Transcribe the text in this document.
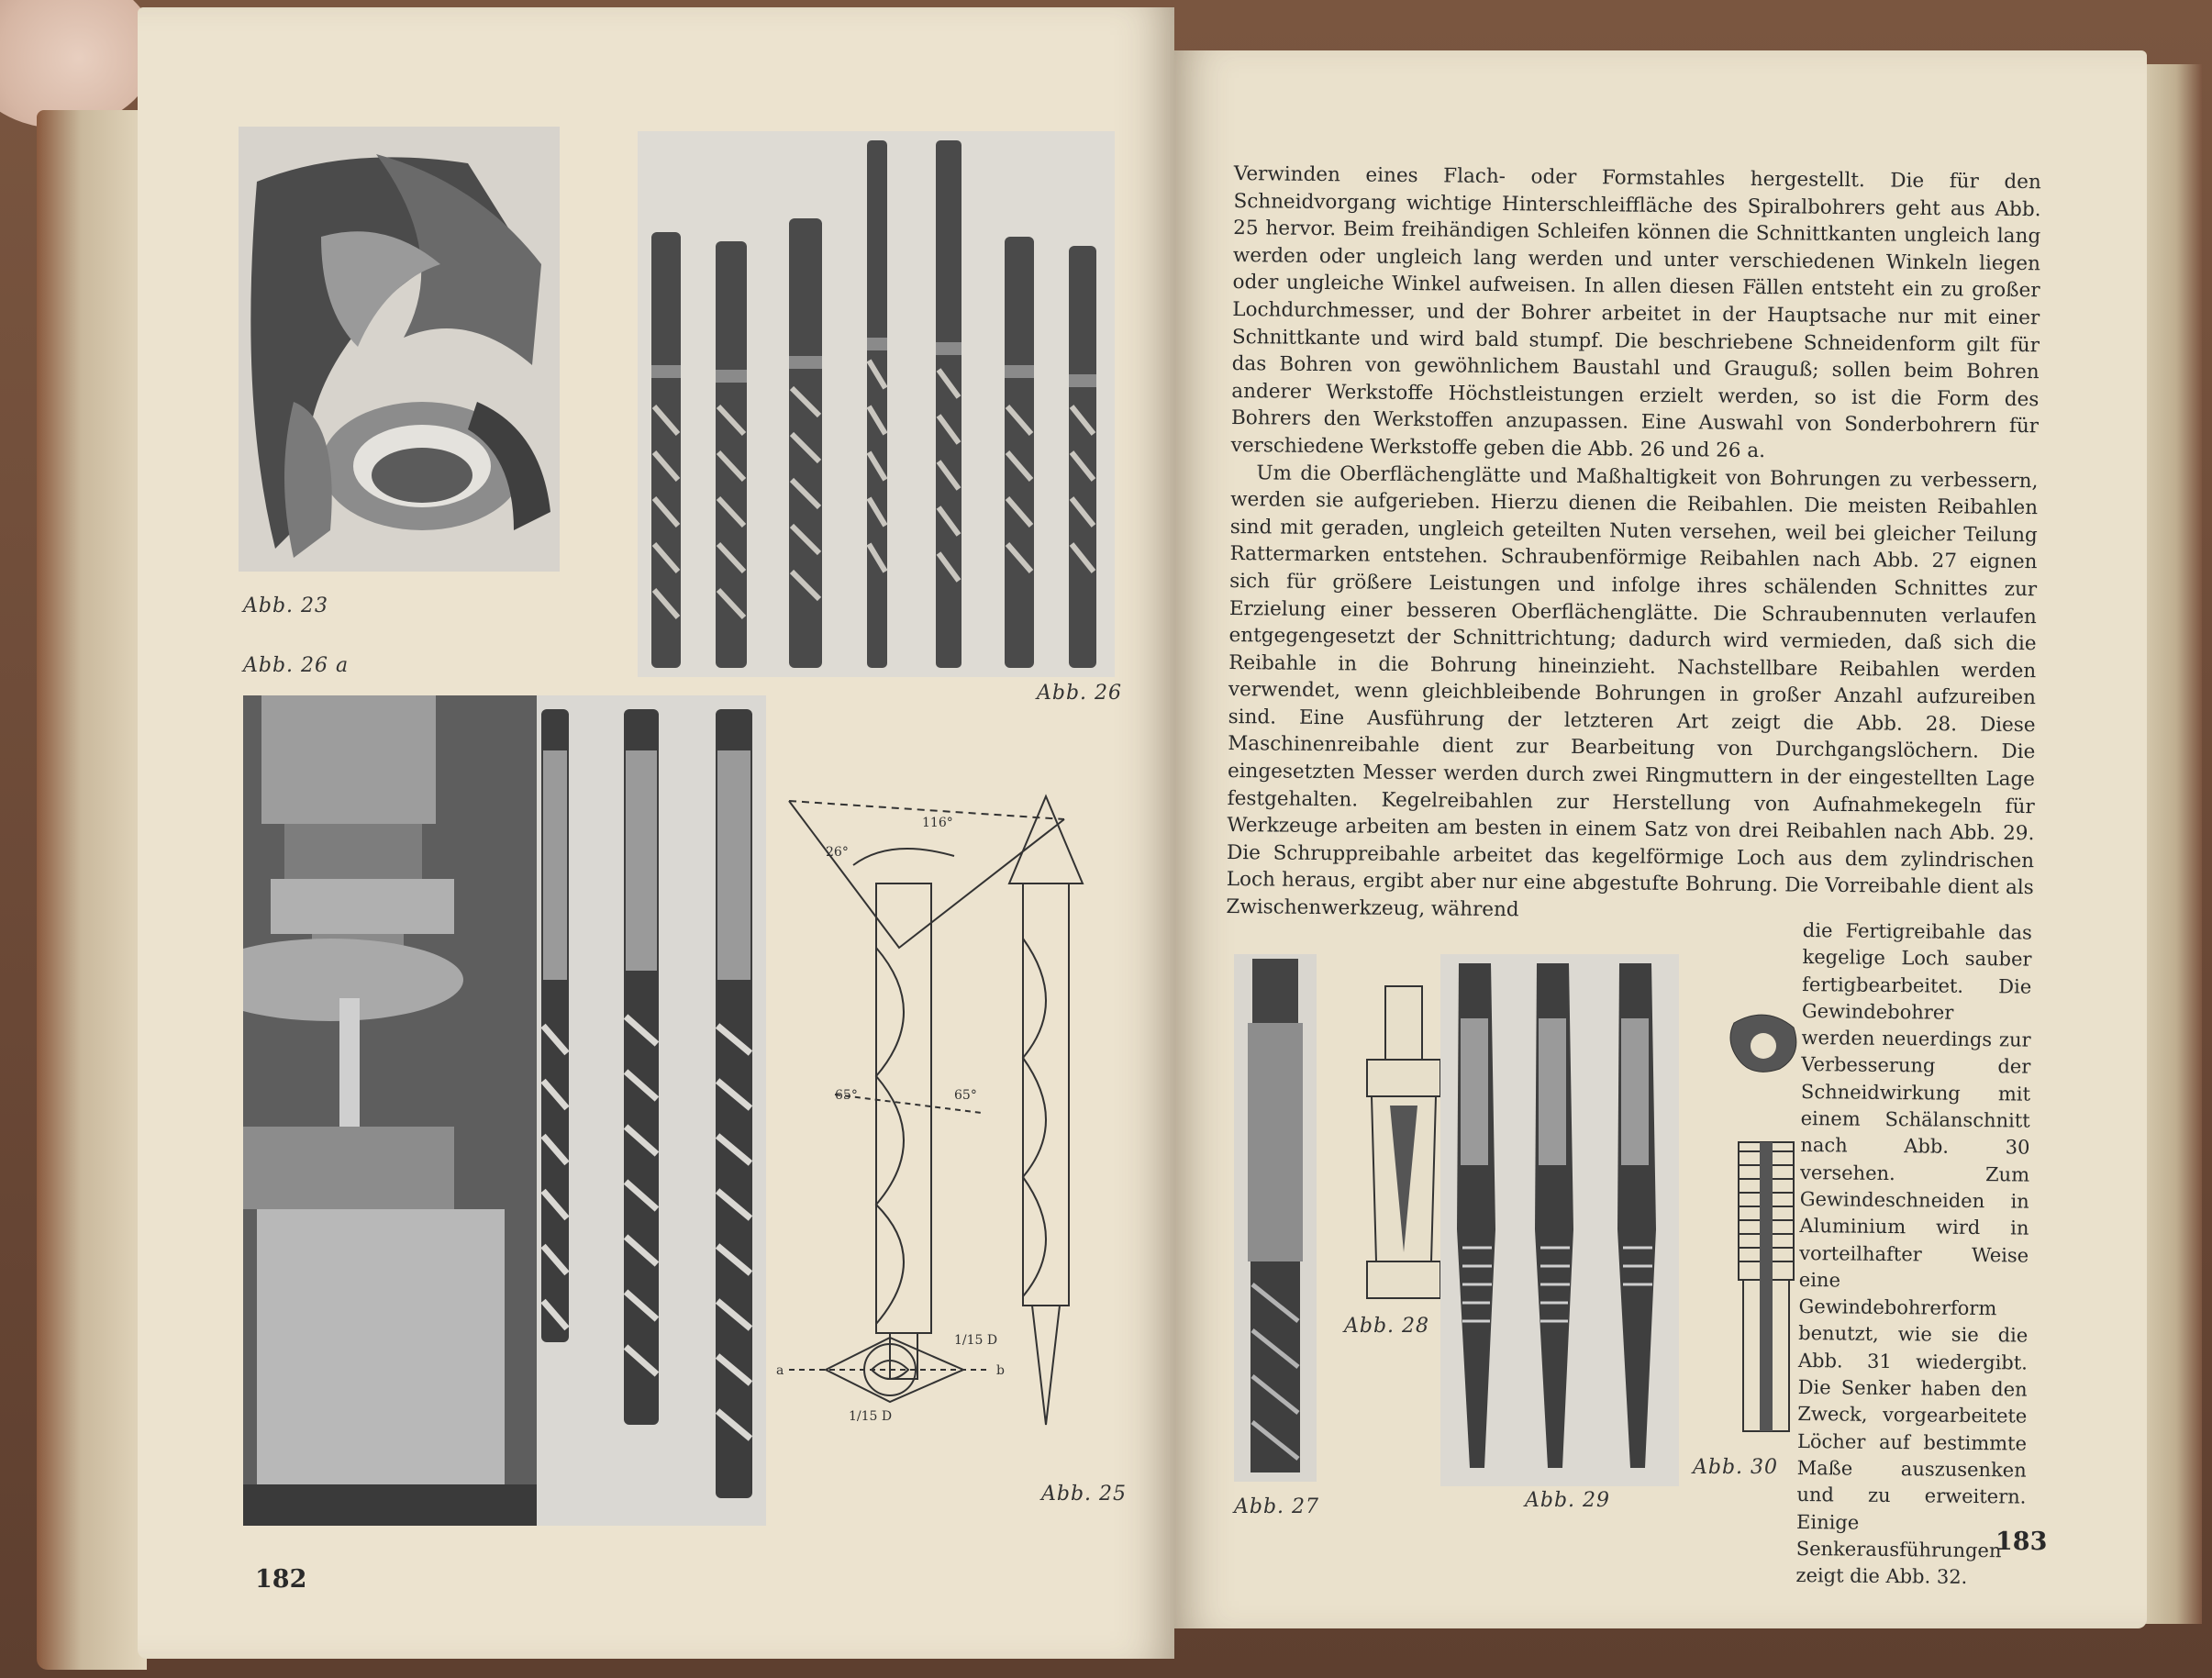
Abb. 23
Abb. 26 a
Abb. 26
116°
26°
65°	65°
a	b
1/15 D
1/15 D
Abb. 25
182

Verwinden eines Flach- oder Formstahles hergestellt. Die für den Schneidvorgang wichtige Hinterschleiffläche des Spiralbohrers geht aus Abb. 25 hervor. Beim freihändigen Schleifen können die Schnittkanten ungleich lang werden oder ungleich lang werden und unter verschiedenen Winkeln liegen oder ungleiche Winkel aufweisen. In allen diesen Fällen entsteht ein zu großer Lochdurchmesser, und der Bohrer arbeitet in der Hauptsache nur mit einer Schnittkante und wird bald stumpf. Die beschriebene Schneidenform gilt für das Bohren von gewöhnlichem Baustahl und Grauguß; sollen beim Bohren anderer Werkstoffe Höchstleistungen erzielt werden, so ist die Form des Bohrers den Werkstoffen anzupassen. Eine Auswahl von Sonderbohrern für verschiedene Werkstoffe geben die Abb. 26 und 26 a.

Um die Oberflächenglätte und Maßhaltigkeit von Bohrungen zu verbessern, werden sie aufgerieben. Hierzu dienen die Reibahlen. Die meisten Reibahlen sind mit geraden, ungleich geteilten Nuten versehen, weil bei gleicher Teilung Rattermarken entstehen. Schraubenförmige Reibahlen nach Abb. 27 eignen sich für größere Leistungen und infolge ihres schälenden Schnittes zur Erzielung einer besseren Oberflächenglätte. Die Schraubennuten verlaufen entgegengesetzt der Schnittrichtung; dadurch wird vermieden, daß sich die Reibahle in die Bohrung hineinzieht. Nachstellbare Reibahlen werden verwendet, wenn gleichbleibende Bohrungen in großer Anzahl aufzureiben sind. Eine Ausführung der letzteren Art zeigt die Abb. 28. Diese Maschinenreibahle dient zur Bearbeitung von Durchgangslöchern. Die eingesetzten Messer werden durch zwei Ringmuttern in der eingestellten Lage festgehalten. Kegelreibahlen zur Herstellung von Aufnahmekegeln für Werkzeuge arbeiten am besten in einem Satz von drei Reibahlen nach Abb. 29. Die Schruppreibahle arbeitet das kegelförmige Loch aus dem zylindrischen Loch heraus, ergibt aber nur eine abgestufte Bohrung. Die Vorreibahle dient als Zwischenwerkzeug, während

Abb. 27
Abb. 28
Abb. 29
Abb. 30
die Fertigreibahle das kegelige Loch sauber fertigbearbeitet. Die Gewindebohrer werden neuerdings zur Verbesserung der Schneidwirkung mit einem Schälanschnitt nach Abb. 30 versehen. Zum Gewindeschneiden in Aluminium wird in vorteilhafter Weise eine Gewindebohrerform benutzt, wie sie die Abb. 31 wiedergibt. Die Senker haben den Zweck, vorgearbeitete Löcher auf bestimmte Maße auszusenken und zu erweitern. Einige Senkerausführungen zeigt die Abb. 32.
183
